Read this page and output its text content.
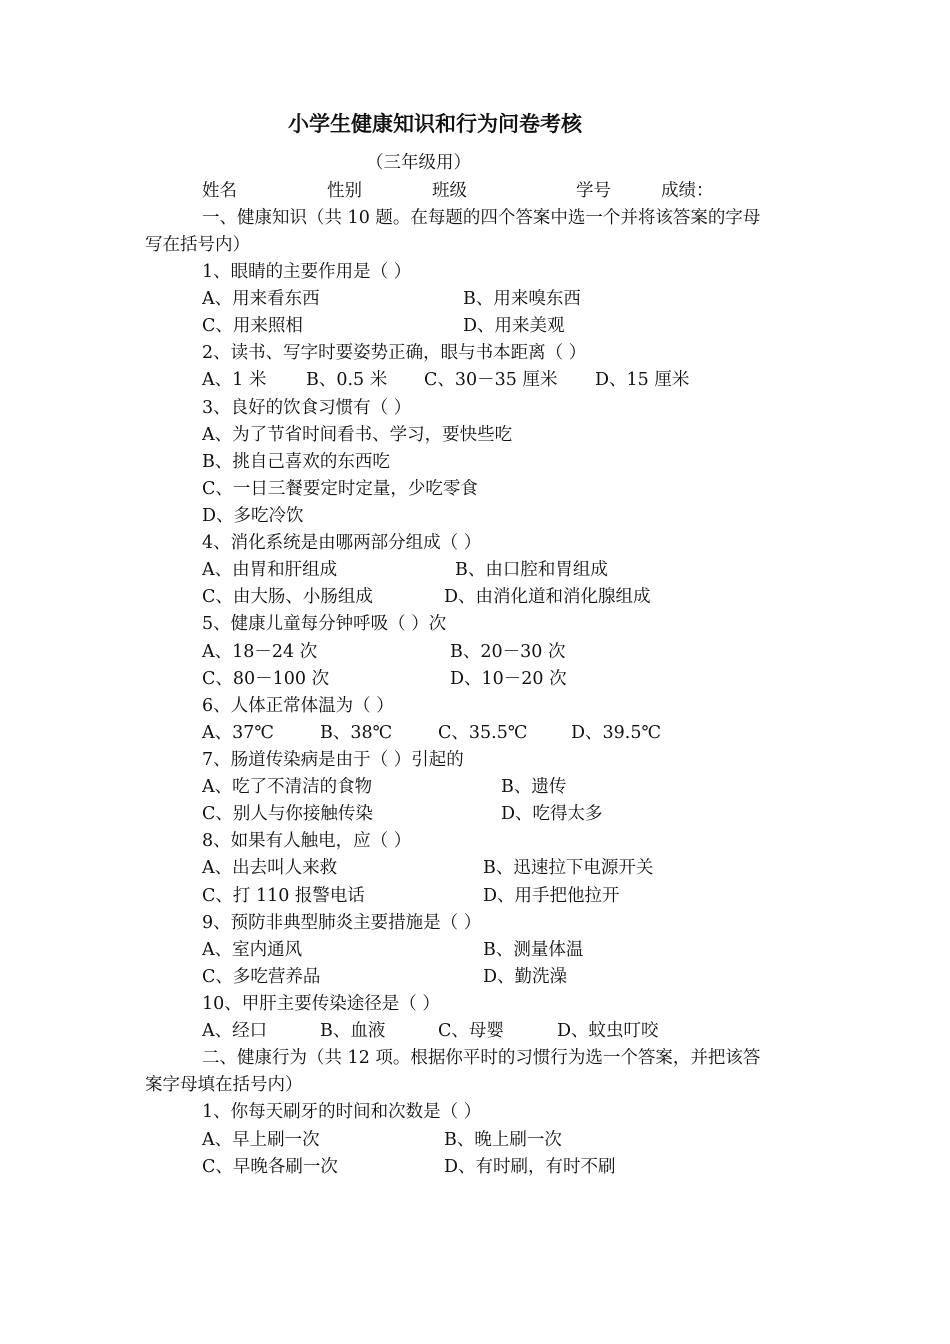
小学生健康知识和行为问卷考核
（三年级用）
姓名	性别	班级	学号	成绩：
一、健康知识（共 10 题。在每题的四个答案中选一个并将该答案的字母
写在括号内）
1、眼睛的主要作用是（ ）
A、用来看东西	B、用来嗅东西
C、用来照相	D、用来美观
2、读书、写字时要姿势正确，眼与书本距离（ ）
A、1 米 B、0.5 米 C、30－35 厘米 D、15 厘米
3、良好的饮食习惯有（ ）
A、为了节省时间看书、学习，要快些吃
B、挑自己喜欢的东西吃
C、一日三餐要定时定量，少吃零食
D、多吃冷饮
4、消化系统是由哪两部分组成（ ）
A、由胃和肝组成	B、由口腔和胃组成
C、由大肠、小肠组成	D、由消化道和消化腺组成
5、健康儿童每分钟呼吸（ ）次
A、18－24 次	B、20－30 次
C、80－100 次	D、10－20 次
6、人体正常体温为（ ）
A、37℃	B、38℃	C、35.5℃ D、39.5℃
7、肠道传染病是由于（ ）引起的
A、吃了不清洁的食物	B、遗传
C、别人与你接触传染	D、吃得太多
8、如果有人触电，应（ ）
A、出去叫人来救	B、迅速拉下电源开关
C、打 110 报警电话	D、用手把他拉开
9、预防非典型肺炎主要措施是（ ）
A、室内通风	B、测量体温
C、多吃营养品	D、勤洗澡
10、甲肝主要传染途径是（ ）
A、经口	B、血液	C、母婴	D、蚊虫叮咬
二、健康行为（共 12 项。根据你平时的习惯行为选一个答案，并把该答
案字母填在括号内）
1、你每天刷牙的时间和次数是（ ）
A、早上刷一次	B、晚上刷一次
C、早晚各刷一次	D、有时刷，有时不刷
